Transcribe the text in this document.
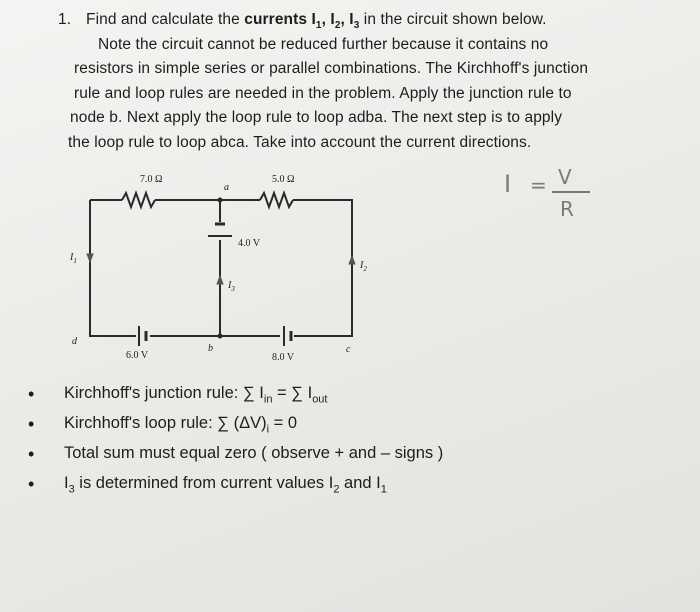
1. Find and calculate the currents $I_1$, $I_2$, $I_3$ in the circuit shown below.
Note the circuit cannot be reduced further because it contains no
resistors in simple series or parallel combinations. The Kirchhoff's junction
rule and loop rules are needed in the problem. Apply the junction rule to
node b. Next apply the loop rule to loop adba. The next step is to apply
the loop rule to loop abca. Take into account the current directions.
7.0 Ω	5.0 Ω
a
b	c
d
4.0 V
6.0 V	8.0 V
$I_1$	$I_2$
$I_3$
I = V
R
• Kirchhoff's junction rule: ∑ $I_{in}$ = ∑ $I_{out}$
• Kirchhoff's loop rule: ∑ $(\Delta V)_i = 0$
• Total sum must equal zero ( observe + and – signs )
• $I_3$ is determined from current values $I_2$ and $I_1$
